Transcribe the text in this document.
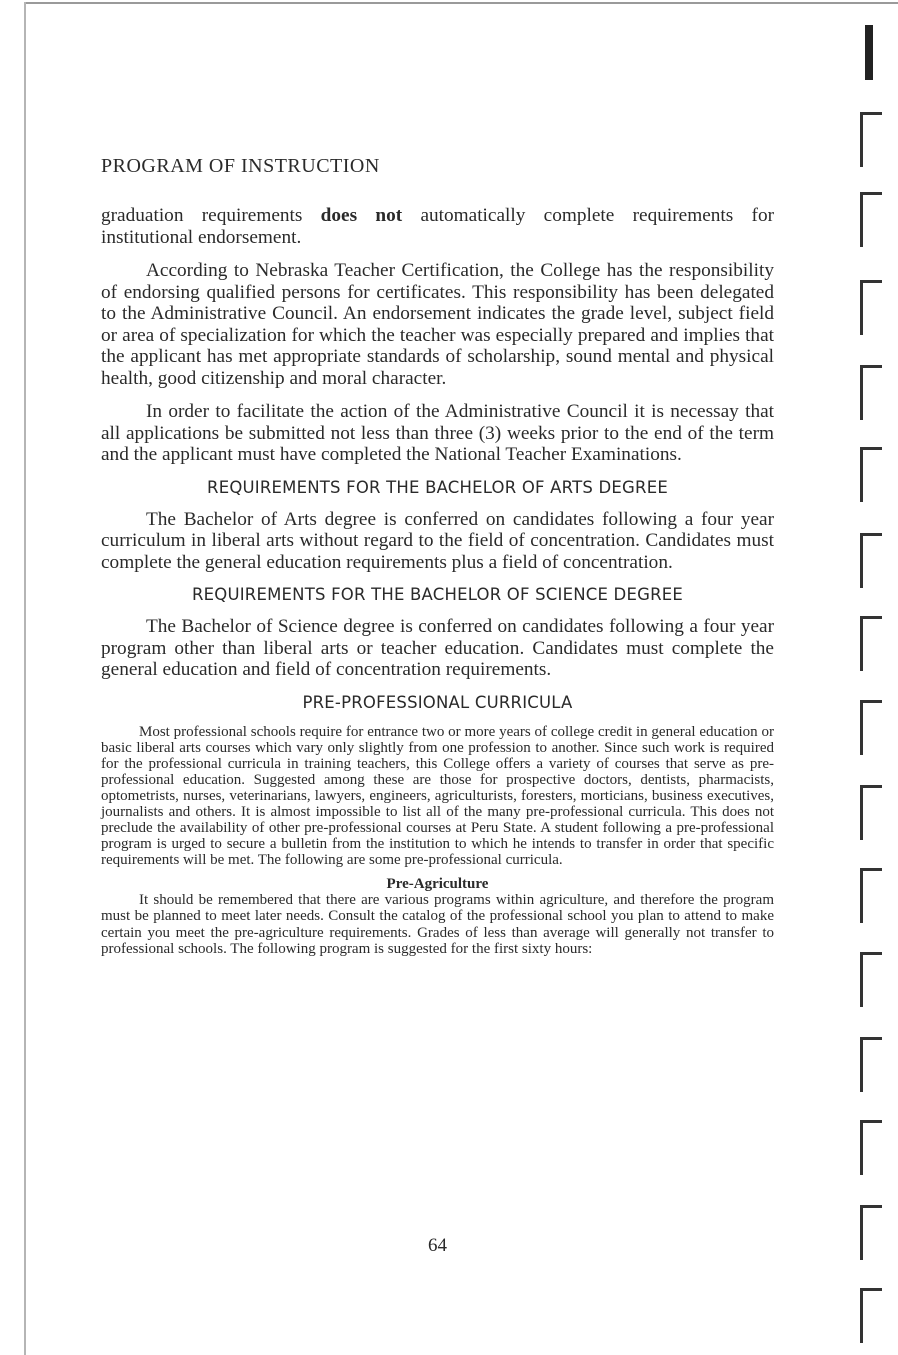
PROGRAM OF INSTRUCTION

graduation requirements does not automatically complete requirements for institutional endorsement.

According to Nebraska Teacher Certification, the College has the responsibility of endorsing qualified persons for certificates. This responsibility has been delegated to the Administrative Council. An endorsement indicates the grade level, subject field or area of specialization for which the teacher was especially prepared and implies that the applicant has met appropriate standards of scholarship, sound mental and physical health, good citizenship and moral character.

In order to facilitate the action of the Administrative Council it is necessay that all applications be submitted not less than three (3) weeks prior to the end of the term and the applicant must have completed the National Teacher Examinations.

REQUIREMENTS FOR THE BACHELOR OF ARTS DEGREE

The Bachelor of Arts degree is conferred on candidates following a four year curriculum in liberal arts without regard to the field of concentration. Candidates must complete the general education requirements plus a field of concentration.

REQUIREMENTS FOR THE BACHELOR OF SCIENCE DEGREE

The Bachelor of Science degree is conferred on candidates following a four year program other than liberal arts or teacher education. Candidates must complete the general education and field of concentration requirements.

PRE-PROFESSIONAL CURRICULA

Most professional schools require for entrance two or more years of college credit in general education or basic liberal arts courses which vary only slightly from one profession to another. Since such work is required for the professional curricula in training teachers, this College offers a variety of courses that serve as pre-professional education. Suggested among these are those for prospective doctors, dentists, pharmacists, optometrists, nurses, veterinarians, lawyers, engineers, agriculturists, foresters, morticians, business executives, journalists and others. It is almost impossible to list all of the many pre-professional curricula. This does not preclude the availability of other pre-professional courses at Peru State. A student following a pre-professional program is urged to secure a bulletin from the institution to which he intends to transfer in order that specific requirements will be met. The following are some pre-professional curricula.

Pre-Agriculture

It should be remembered that there are various programs within agriculture, and therefore the program must be planned to meet later needs. Consult the catalog of the professional school you plan to attend to make certain you meet the pre-agriculture requirements. Grades of less than average will generally not transfer to professional schools. The following program is suggested for the first sixty hours:

64
